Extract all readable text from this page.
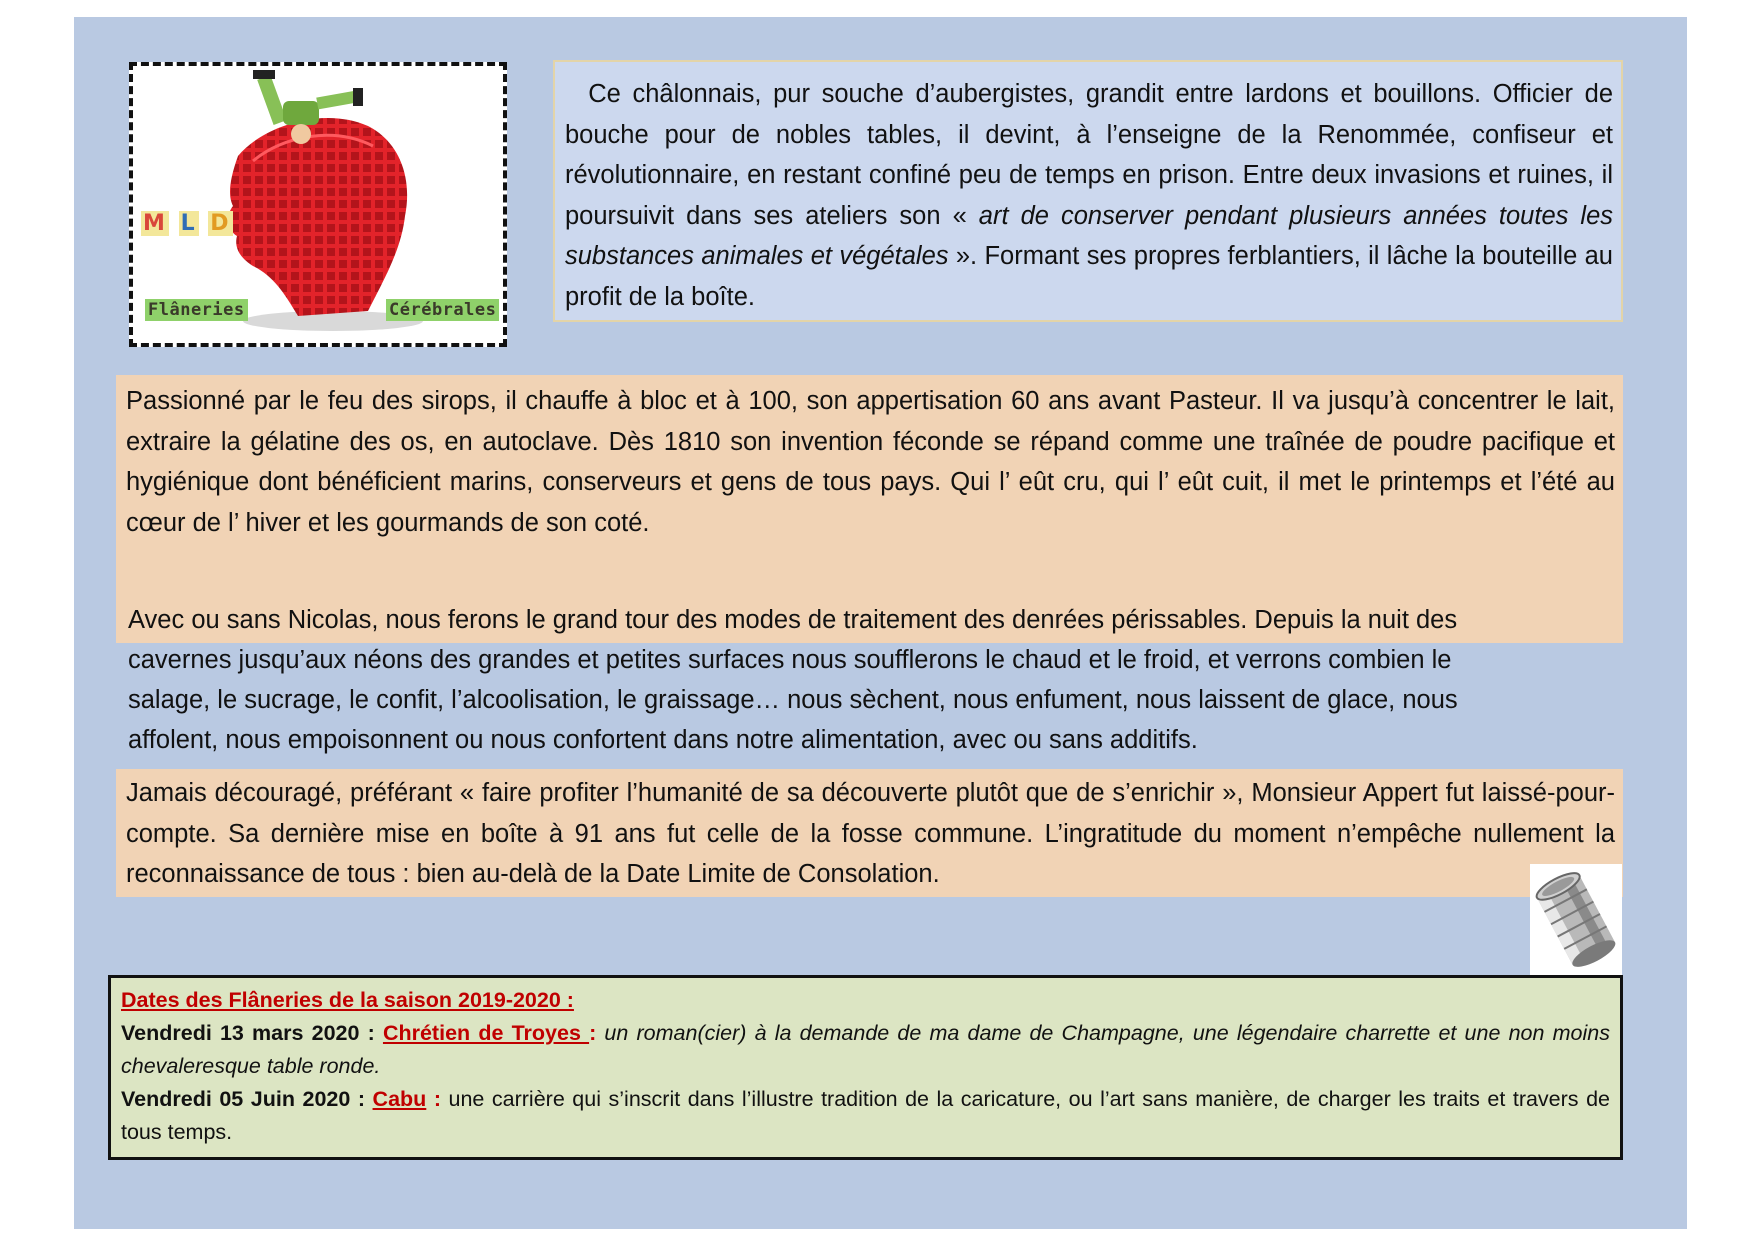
M L D
Flâneries	Cérébrales
Ce châlonnais, pur souche d’aubergistes, grandit entre lardons et bouillons. Officier de bouche pour de nobles tables, il devint, à l’enseigne de la Renommée, confiseur et révolutionnaire, en restant confiné peu de temps en prison. Entre deux invasions et ruines, il poursuivit dans ses ateliers son « art de conserver pendant plusieurs années toutes les substances animales et végétales ». Formant ses propres ferblantiers, il lâche la bouteille au profit de la boîte.

Passionné par le feu des sirops, il chauffe à bloc et à 100, son appertisation 60 ans avant Pasteur. Il va jusqu’à concentrer le lait, extraire la gélatine des os, en autoclave. Dès 1810 son invention féconde se répand comme une traînée de poudre pacifique et hygiénique dont bénéficient marins, conserveurs et gens de tous pays. Qui l’ eût cru, qui l’ eût cuit, il met le printemps et l’été au cœur de l’ hiver et les gourmands de son coté.

Avec ou sans Nicolas, nous ferons le grand tour des modes de traitement des denrées périssables. Depuis la nuit des
cavernes jusqu’aux néons des grandes et petites surfaces nous soufflerons le chaud et le froid, et verrons combien le
salage, le sucrage, le confit, l’alcoolisation, le graissage… nous sèchent, nous enfument, nous laissent de glace, nous
affolent, nous empoisonnent ou nous confortent dans notre alimentation, avec ou sans additifs.

Jamais découragé, préférant « faire profiter l’humanité de sa découverte plutôt que de s’enrichir », Monsieur Appert fut laissé-pour-compte. Sa dernière mise en boîte à 91 ans fut celle de la fosse commune. L’ingratitude du moment n’empêche nullement la reconnaissance de tous : bien au-delà de la Date Limite de Consolation.

Dates des Flâneries de la saison 2019-2020 :
Vendredi 13 mars 2020 : Chrétien de Troyes : un roman(cier) à la demande de ma dame de Champagne, une légendaire charrette et une non moins chevaleresque table ronde.
Vendredi 05 Juin 2020 : Cabu : une carrière qui s’inscrit dans l’illustre tradition de la caricature, ou l’art sans manière, de charger les traits et travers de tous temps.
